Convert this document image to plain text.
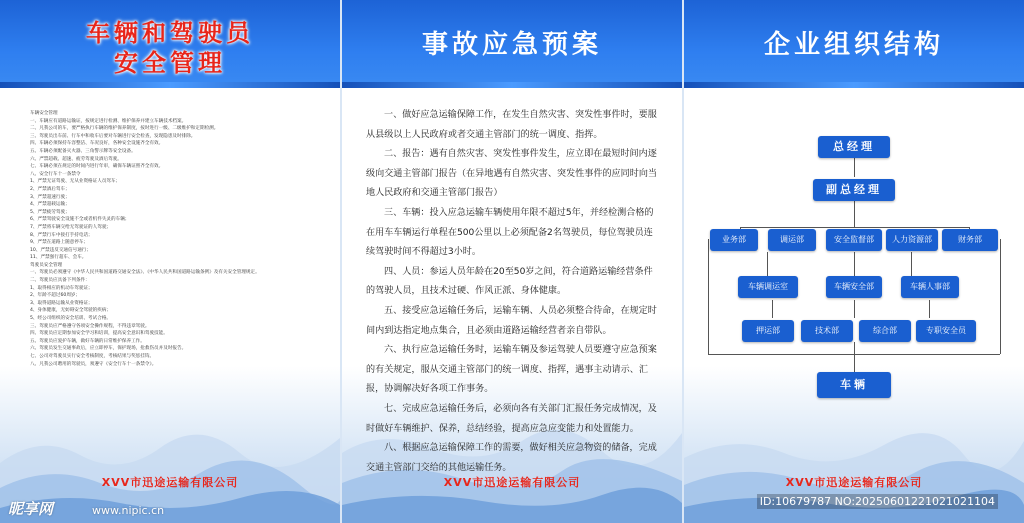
车辆和驾驶员
安全管理
车辆安全管理
一、车辆应有道路运输证，按规定进行检测、维护保养并建立车辆技术档案。
二、凡我公司的车，要严格执行车辆的维护保养制度，按时进行一级、二级维护和定期检测。
三、驾驶员出车前、行车中和收车后要对车辆进行安全检查，发现隐患及时排除。
四、车辆必须保持车容整洁、车况良好，各种安全设施齐全有效。
五、车辆必须配备灭火器、三角警示牌等安全设备。
六、严禁超载、超速、疲劳驾驶及酒后驾驶。
七、车辆必须在规定的时间内进行年审，确保车辆证照齐全有效。
八、安全行车十一条禁令
1、严禁无证驾驶、无从业资格证人员驾车；
2、严禁酒后驾车；
3、严禁超速行驶；
4、严禁超载运输；
5、严禁疲劳驾驶；
6、严禁驾驶安全设施不全或者机件失灵的车辆；
7、严禁将车辆交给无驾驶证的人驾驶；
8、严禁行车中接打手持电话；
9、严禁在道路上随意停车；
10、严禁违反交通信号通行；
11、严禁强行超车、会车。
驾驶员安全管理
一、驾驶员必须遵守《中华人民共和国道路交通安全法》、《中华人民共和国道路运输条例》及有关安全管理规定。
二、驾驶员应具备下列条件：
1、取得相应的机动车驾驶证；
2、年龄不超过60周岁；
3、取得道路运输从业资格证；
4、身体健康，无妨碍安全驾驶的疾病；
5、经公司组织的安全培训、考试合格。
三、驾驶员应严格遵守各项安全操作规程，不得违章驾驶。
四、驾驶员应定期参加安全学习和培训，提高安全意识和驾驶技能。
五、驾驶员应爱护车辆，做好车辆的日常维护保养工作。
六、驾驶员发生交通事故后，应立即停车，保护现场，抢救伤员并及时报告。
七、公司对驾驶员实行安全考核制度，考核结果与奖惩挂钩。
八、凡我公司聘用的驾驶员，须遵守《安全行车十一条禁令》。
XVV市迅途运输有限公司
事故应急预案
XVV市迅途运输有限公司

一、做好应急运输保障工作，在发生自然灾害、突发性事件时，要服从县级以上人民政府或者交通主管部门的统一调度、指挥。

二、报告：遇有自然灾害、突发性事件发生，应立即在最短时间内逐级向交通主管部门报告（在异地遇有自然灾害、突发性事件的应同时向当地人民政府和交通主管部门报告）

三、车辆：投入应急运输车辆使用年限不超过5年，并经检测合格的在用车车辆运行单程在500公里以上必须配备2名驾驶员，每位驾驶员连续驾驶时间不得超过3小时。

四、人员：参运人员年龄在20至50岁之间，符合道路运输经营条件的驾驶人员，且技术过硬、作风正派、身体健康。

五、接受应急运输任务后，运输车辆、人员必须整合待命，在规定时间内到达指定地点集合，且必须由道路运输经营者亲自带队。

六、执行应急运输任务时，运输车辆及参运驾驶人员要遵守应急预案的有关规定，服从交通主管部门的统一调度、指挥，遇事主动请示、汇报，协调解决好各项工作事务。

七、完成应急运输任务后，必须向各有关部门汇报任务完成情况，及时做好车辆维护、保养，总结经验，提高应急应变能力和处置能力。

八、根据应急运输保障工作的需要，做好相关应急物资的储备，完成交通主管部门交给的其他运输任务。

企业组织结构
总经理
副总经理
业务部	调运部	安全监督部	人力资源部	财务部
车辆调运室	车辆安全部	车辆人事部
押运部	技术部	综合部	专职安全员
车辆
XVV市迅途运输有限公司
昵享网	www.nipic.cn
ID:10679787 NO:20250601221021021104
